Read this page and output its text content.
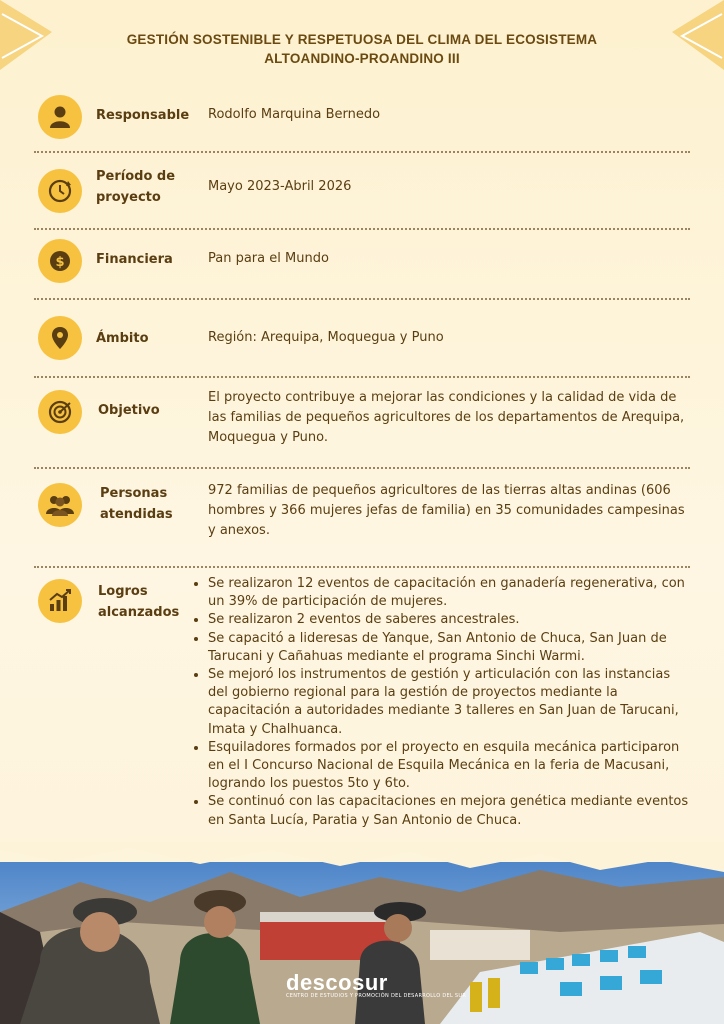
GESTIÓN SOSTENIBLE Y RESPETUOSA DEL CLIMA DEL ECOSISTEMA
ALTOANDINO-PROANDINO III
Responsable Rodolfo Marquina Bernedo
Período de
proyecto
Mayo 2023-Abril 2026
$ Financiera	Pan para el Mundo
Ámbito	Región: Arequipa, Moquegua y Puno
Objetivo
El proyecto contribuye a mejorar las condiciones y la calidad de vida de las familias de pequeños agricultores de los departamentos de Arequipa, Moquegua y Puno.
Personas
atendidas
972 familias de pequeños agricultores de las tierras altas andinas (606 hombres y 366 mujeres jefas de familia) en 35 comunidades campesinas y anexos.
Logros
alcanzados
• Se realizaron 12 eventos de capacitación en ganadería regenerativa, con un 39% de participación de mujeres.
• Se realizaron 2 eventos de saberes ancestrales.
• Se capacitó a lideresas de Yanque, San Antonio de Chuca, San Juan de Tarucani y Cañahuas mediante el programa Sinchi Warmi.
• Se mejoró los instrumentos de gestión y articulación con las instancias del gobierno regional para la gestión de proyectos mediante la capacitación a autoridades mediante 3 talleres en San Juan de Tarucani, Imata y Chalhuanca.
• Esquiladores formados por el proyecto en esquila mecánica participaron en el I Concurso Nacional de Esquila Mecánica en la feria de Macusani, logrando los puestos 5to y 6to.
• Se continuó con las capacitaciones en mejora genética mediante eventos en Santa Lucía, Paratia y San Antonio de Chuca.
descosur
CENTRO DE ESTUDIOS Y PROMOCIÓN DEL DESARROLLO DEL SUR
